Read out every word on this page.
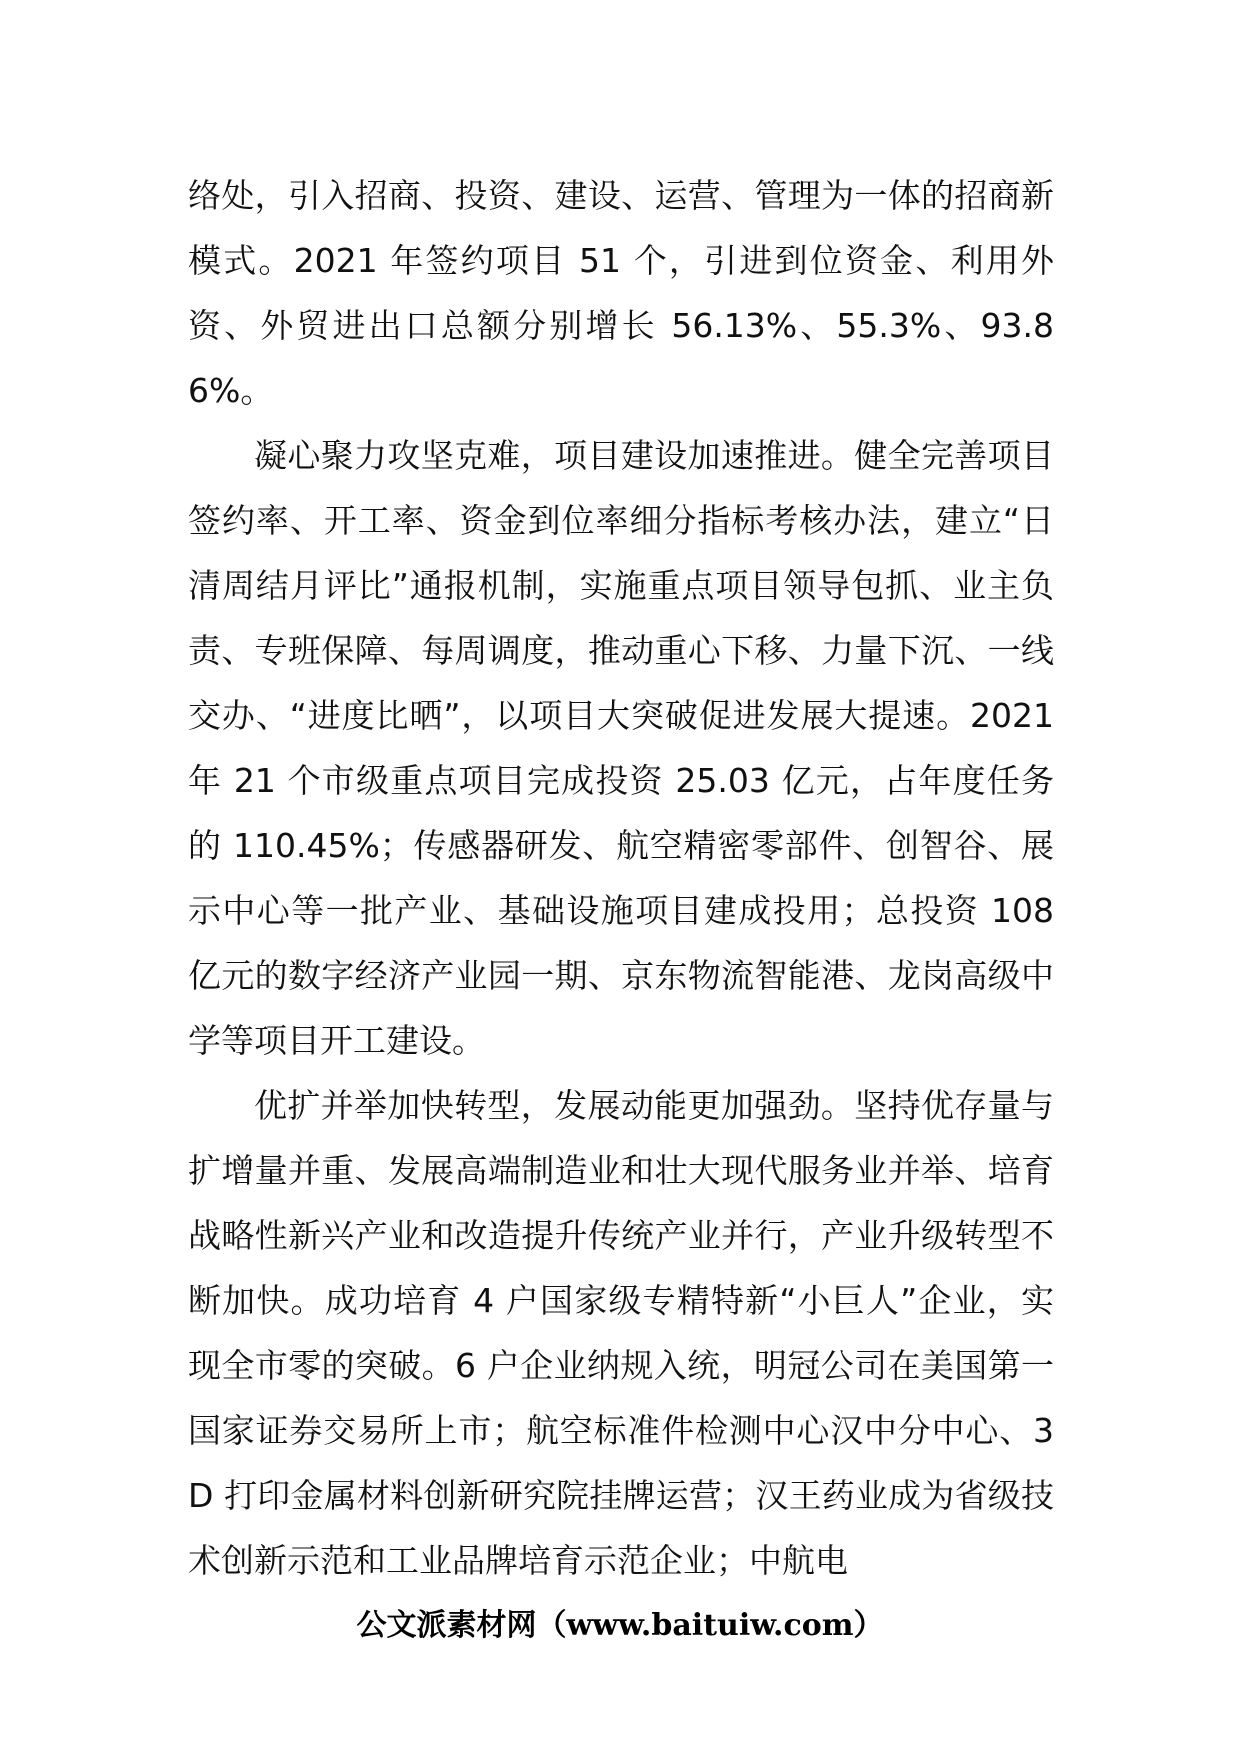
络处，引入招商、投资、建设、运营、管理为一体的招商新模式。2021 年签约项目 51 个，引进到位资金、利用外资、外贸进出口总额分别增长 56.13%、55.3%、93.86%。

凝心聚力攻坚克难，项目建设加速推进。健全完善项目签约率、开工率、资金到位率细分指标考核办法，建立“日清周结月评比”通报机制，实施重点项目领导包抓、业主负责、专班保障、每周调度，推动重心下移、力量下沉、一线交办、“进度比晒”，以项目大突破促进发展大提速。2021 年 21 个市级重点项目完成投资 25.03 亿元，占年度任务的 110.45%；传感器研发、航空精密零部件、创智谷、展示中心等一批产业、基础设施项目建成投用；总投资 108 亿元的数字经济产业园一期、京东物流智能港、龙岗高级中学等项目开工建设。

优扩并举加快转型，发展动能更加强劲。坚持优存量与扩增量并重、发展高端制造业和壮大现代服务业并举、培育战略性新兴产业和改造提升传统产业并行，产业升级转型不断加快。成功培育 4 户国家级专精特新“小巨人”企业，实现全市零的突破。6 户企业纳规入统，明冠公司在美国第一国家证券交易所上市；航空标准件检测中心汉中分中心、3D 打印金属材料创新研究院挂牌运营；汉王药业成为省级技术创新示范和工业品牌培育示范企业；中航电

公文派素材网（www.baituiw.com）
